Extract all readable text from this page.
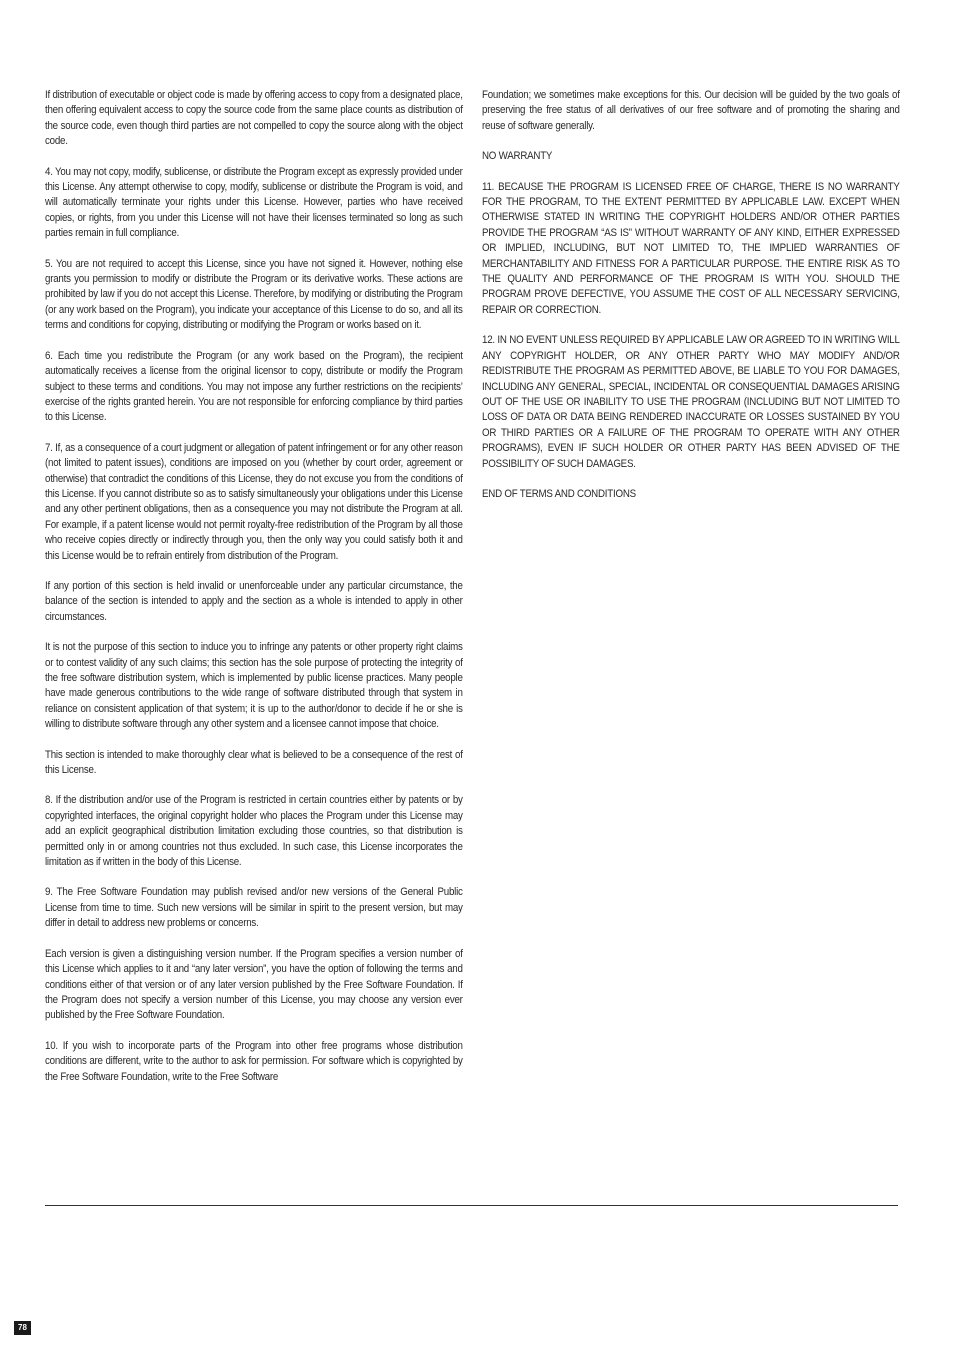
If distribution of executable or object code is made by offering access to copy from a designated place, then offering equivalent access to copy the source code from the same place counts as distribution of the source code, even though third parties are not compelled to copy the source along with the object code.

4. You may not copy, modify, sublicense, or distribute the Program except as expressly provided under this License. Any attempt otherwise to copy, modify, sublicense or distribute the Program is void, and will automatically terminate your rights under this License. However, parties who have received copies, or rights, from you under this License will not have their licenses terminated so long as such parties remain in full compliance.

5. You are not required to accept this License, since you have not signed it. However, nothing else grants you permission to modify or distribute the Program or its derivative works. These actions are prohibited by law if you do not accept this License. Therefore, by modifying or distributing the Program (or any work based on the Program), you indicate your acceptance of this License to do so, and all its terms and conditions for copying, distributing or modifying the Program or works based on it.

6. Each time you redistribute the Program (or any work based on the Program), the recipient automatically receives a license from the original licensor to copy, distribute or modify the Program subject to these terms and conditions. You may not impose any further restrictions on the recipients’ exercise of the rights granted herein. You are not responsible for enforcing compliance by third parties to this License.

7. If, as a consequence of a court judgment or allegation of patent infringement or for any other reason (not limited to patent issues), conditions are imposed on you (whether by court order, agreement or otherwise) that contradict the conditions of this License, they do not excuse you from the conditions of this License. If you cannot distribute so as to satisfy simultaneously your obligations under this License and any other pertinent obligations, then as a consequence you may not distribute the Program at all. For example, if a patent license would not permit royalty-free redistribution of the Program by all those who receive copies directly or indirectly through you, then the only way you could satisfy both it and this License would be to refrain entirely from distribution of the Program.

If any portion of this section is held invalid or unenforceable under any particular circumstance, the balance of the section is intended to apply and the section as a whole is intended to apply in other circumstances.

It is not the purpose of this section to induce you to infringe any patents or other property right claims or to contest validity of any such claims; this section has the sole purpose of protecting the integrity of the free software distribution system, which is implemented by public license practices. Many people have made generous contributions to the wide range of software distributed through that system in reliance on consistent application of that system; it is up to the author/donor to decide if he or she is willing to distribute software through any other system and a licensee cannot impose that choice.

This section is intended to make thoroughly clear what is believed to be a consequence of the rest of this License.

8. If the distribution and/or use of the Program is restricted in certain countries either by patents or by copyrighted interfaces, the original copyright holder who places the Program under this License may add an explicit geographical distribution limitation excluding those countries, so that distribution is permitted only in or among countries not thus excluded. In such case, this License incorporates the limitation as if written in the body of this License.

9. The Free Software Foundation may publish revised and/or new versions of the General Public License from time to time. Such new versions will be similar in spirit to the present version, but may differ in detail to address new problems or concerns.

Each version is given a distinguishing version number. If the Program specifies a version number of this License which applies to it and “any later version”, you have the option of following the terms and conditions either of that version or of any later version published by the Free Software Foundation. If the Program does not specify a version number of this License, you may choose any version ever published by the Free Software Foundation.

10. If you wish to incorporate parts of the Program into other free programs whose distribution conditions are different, write to the author to ask for permission. For software which is copyrighted by the Free Software Foundation, write to the Free Software

Foundation; we sometimes make exceptions for this. Our decision will be guided by the two goals of preserving the free status of all derivatives of our free software and of promoting the sharing and reuse of software generally.

NO WARRANTY

11. BECAUSE THE PROGRAM IS LICENSED FREE OF CHARGE, THERE IS NO WARRANTY FOR THE PROGRAM, TO THE EXTENT PERMITTED BY APPLICABLE LAW. EXCEPT WHEN OTHERWISE STATED IN WRITING THE COPYRIGHT HOLDERS AND/OR OTHER PARTIES PROVIDE THE PROGRAM “AS IS” WITHOUT WARRANTY OF ANY KIND, EITHER EXPRESSED OR IMPLIED, INCLUDING, BUT NOT LIMITED TO, THE IMPLIED WARRANTIES OF MERCHANTABILITY AND FITNESS FOR A PARTICULAR PURPOSE. THE ENTIRE RISK AS TO THE QUALITY AND PERFORMANCE OF THE PROGRAM IS WITH YOU. SHOULD THE PROGRAM PROVE DEFECTIVE, YOU ASSUME THE COST OF ALL NECESSARY SERVICING, REPAIR OR CORRECTION.

12. IN NO EVENT UNLESS REQUIRED BY APPLICABLE LAW OR AGREED TO IN WRITING WILL ANY COPYRIGHT HOLDER, OR ANY OTHER PARTY WHO MAY MODIFY AND/OR REDISTRIBUTE THE PROGRAM AS PERMITTED ABOVE, BE LIABLE TO YOU FOR DAMAGES, INCLUDING ANY GENERAL, SPECIAL, INCIDENTAL OR CONSEQUENTIAL DAMAGES ARISING OUT OF THE USE OR INABILITY TO USE THE PROGRAM (INCLUDING BUT NOT LIMITED TO LOSS OF DATA OR DATA BEING RENDERED INACCURATE OR LOSSES SUSTAINED BY YOU OR THIRD PARTIES OR A FAILURE OF THE PROGRAM TO OPERATE WITH ANY OTHER PROGRAMS), EVEN IF SUCH HOLDER OR OTHER PARTY HAS BEEN ADVISED OF THE POSSIBILITY OF SUCH DAMAGES.

END OF TERMS AND CONDITIONS

78
